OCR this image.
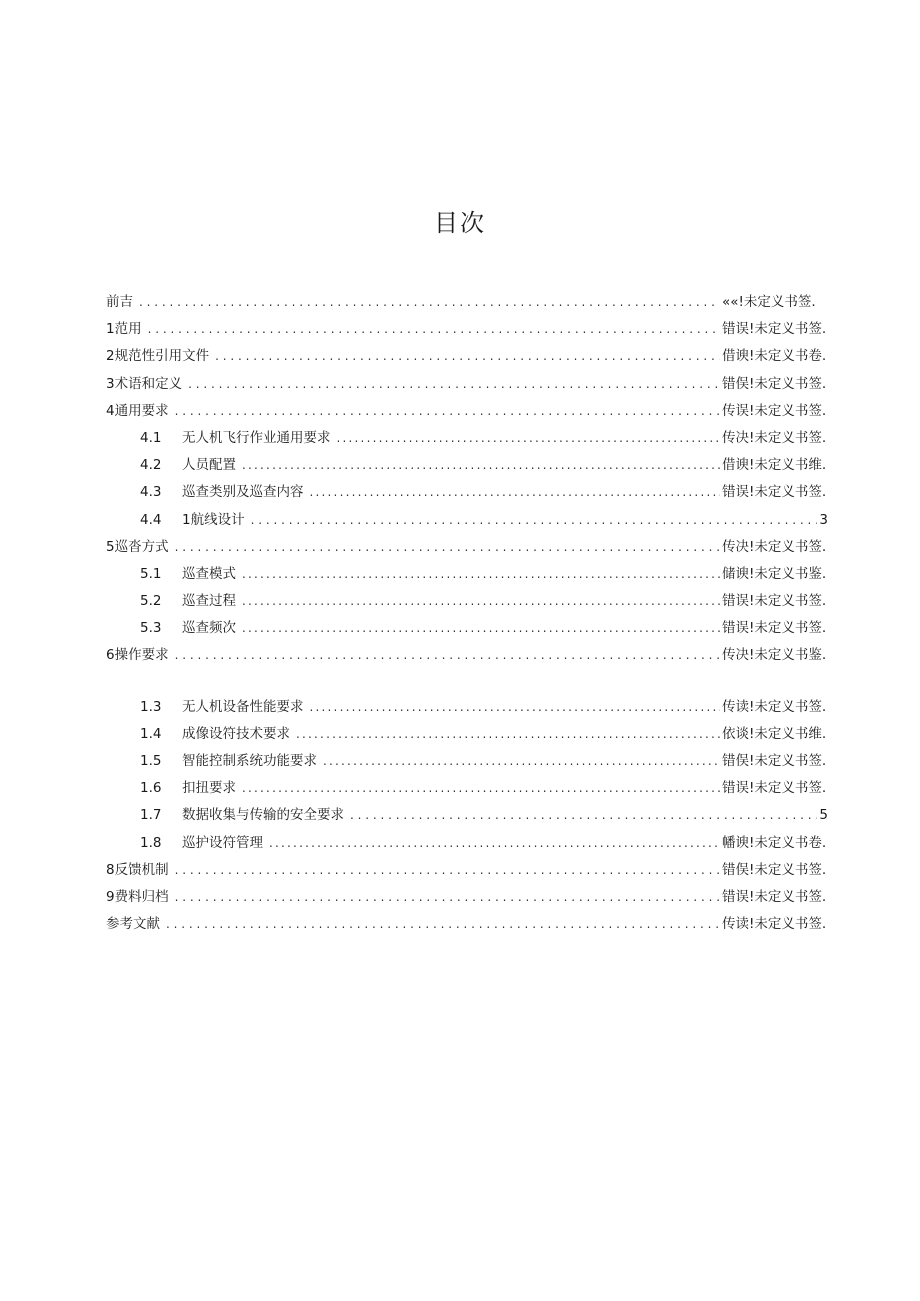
目次
前吉 . . .	««!未定义书签.
1范用 . . .	错误!未定义书签.
2规范性引用文件 . . .	借谀!未定义书卷.
3术语和定义 . . .	错俣!未定义书签.
4通用要求 . . .	传误!未定义书签.
4.1	无人机飞行作业通用要求 .....	传决!未定义书签.
4.2	人员配置 .....	借谀!未定义书维.
4.3	巡查类别及巡查内容 .....	错误!未定义书签.
4.4	1航线设计 . . .	3
5巡沓方式 . . .	传决!未定义书签.
5.1	巡查模式 .....	储谀!未定义书鉴.
5.2	巡查过程 .....	错误!未定义书签.
5.3	巡查频次 .....	错误!未定义书签.
6操作要求 . . .	传决!未定义书鉴.
1.3	无人机设备性能要求 .....	传读!未定义书签.
1.4	成像设符技术要求 .....	依谈!未定义书维.
1.5	智能控制系统功能要求 .....	错俣!未定义书签.
1.6	扣扭要求 .....	错误!未定义书签.
1.7	数据收集与传输的安全要求 . . .	5
1.8	巡护设符管理 .....	幡谀!未定义书卷.
8反馈机制 . . .	错俣!未定义书签.
9费料归档 . . .	错误!未定义书签.
参考文献 . . .	传读!未定义书签.
